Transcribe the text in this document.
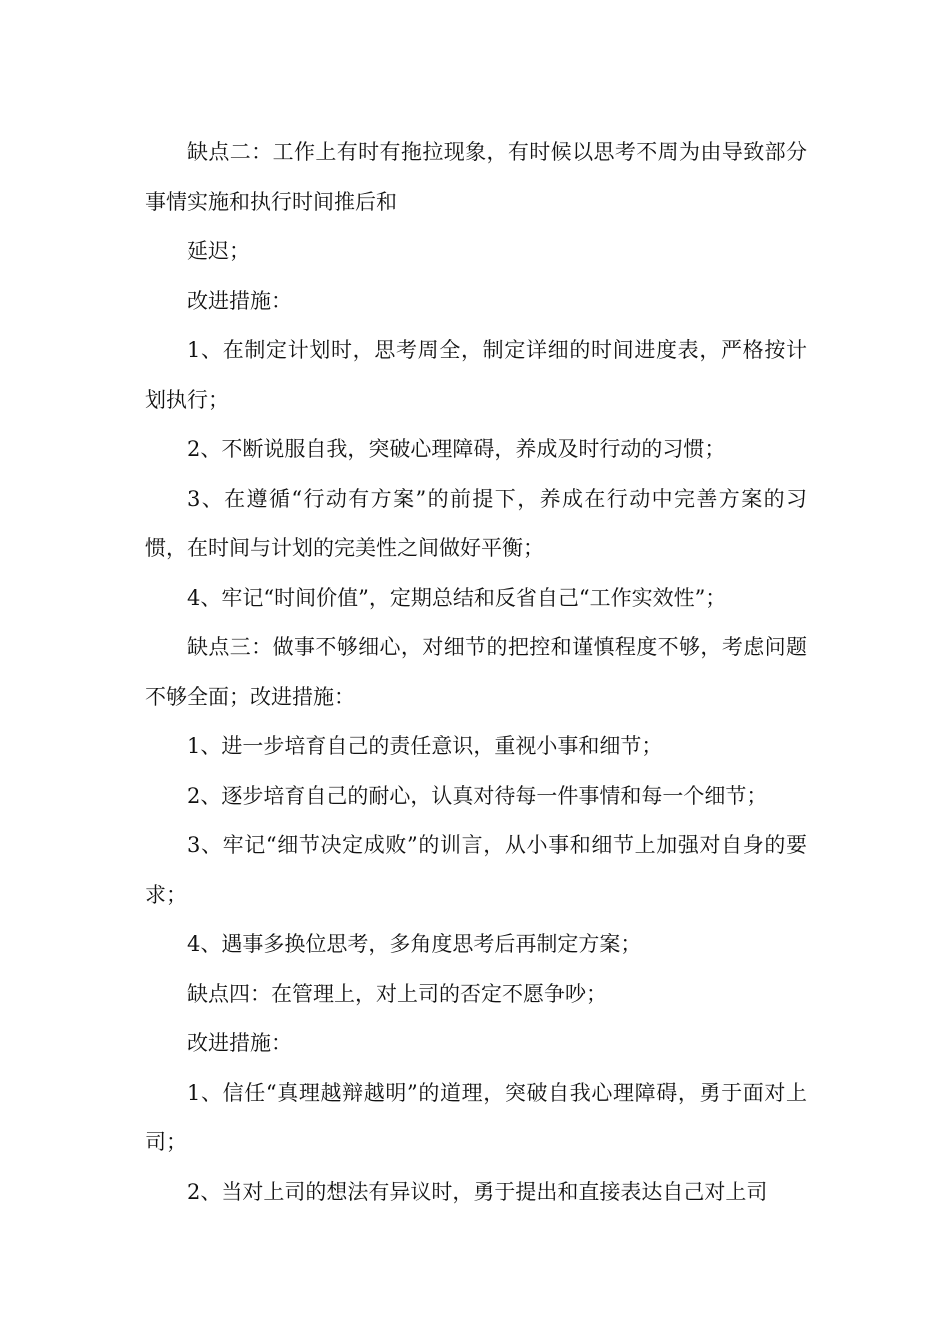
缺点二：工作上有时有拖拉现象，有时候以思考不周为由导致部分事情实施和执行时间推后和

延迟；

改进措施：

1、在制定计划时，思考周全，制定详细的时间进度表，严格按计划执行；

2、不断说服自我，突破心理障碍，养成及时行动的习惯；

3、在遵循“行动有方案”的前提下，养成在行动中完善方案的习惯，在时间与计划的完美性之间做好平衡；

4、牢记“时间价值”，定期总结和反省自己“工作实效性”；

缺点三：做事不够细心，对细节的把控和谨慎程度不够，考虑问题不够全面；改进措施：

1、进一步培育自己的责任意识，重视小事和细节；

2、逐步培育自己的耐心，认真对待每一件事情和每一个细节；

3、牢记“细节决定成败”的训言，从小事和细节上加强对自身的要求；

4、遇事多换位思考，多角度思考后再制定方案；

缺点四：在管理上，对上司的否定不愿争吵；

改进措施：

1、信任“真理越辩越明”的道理，突破自我心理障碍，勇于面对上司；

2、当对上司的想法有异议时，勇于提出和直接表达自己对上司
